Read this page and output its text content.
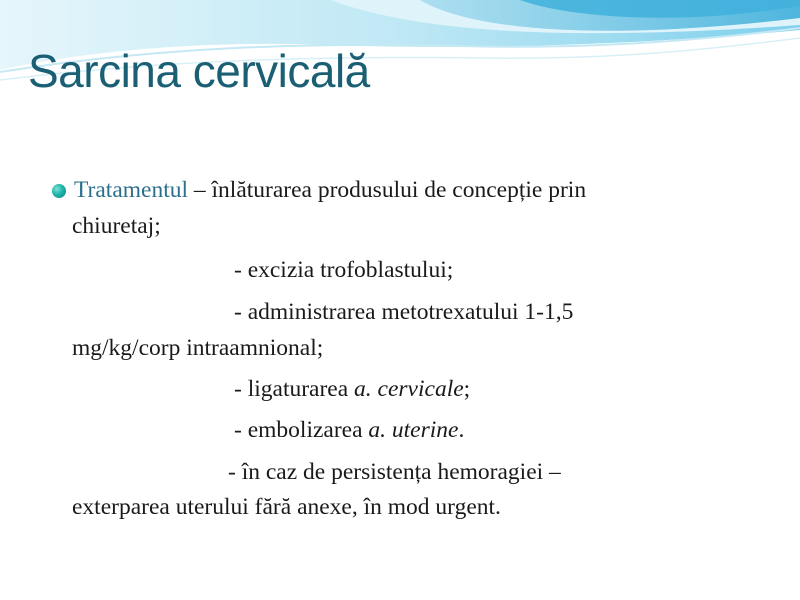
Sarcina cervicală
Tratamentul – înlăturarea produsului de concepție prin
chiuretaj;
- excizia trofoblastului;
- administrarea metotrexatului 1-1,5
mg/kg/corp intraamnional;
- ligaturarea a. cervicale;
- embolizarea a. uterine.
- în caz de persistența hemoragiei –
exterparea uterului fără anexe, în mod urgent.
